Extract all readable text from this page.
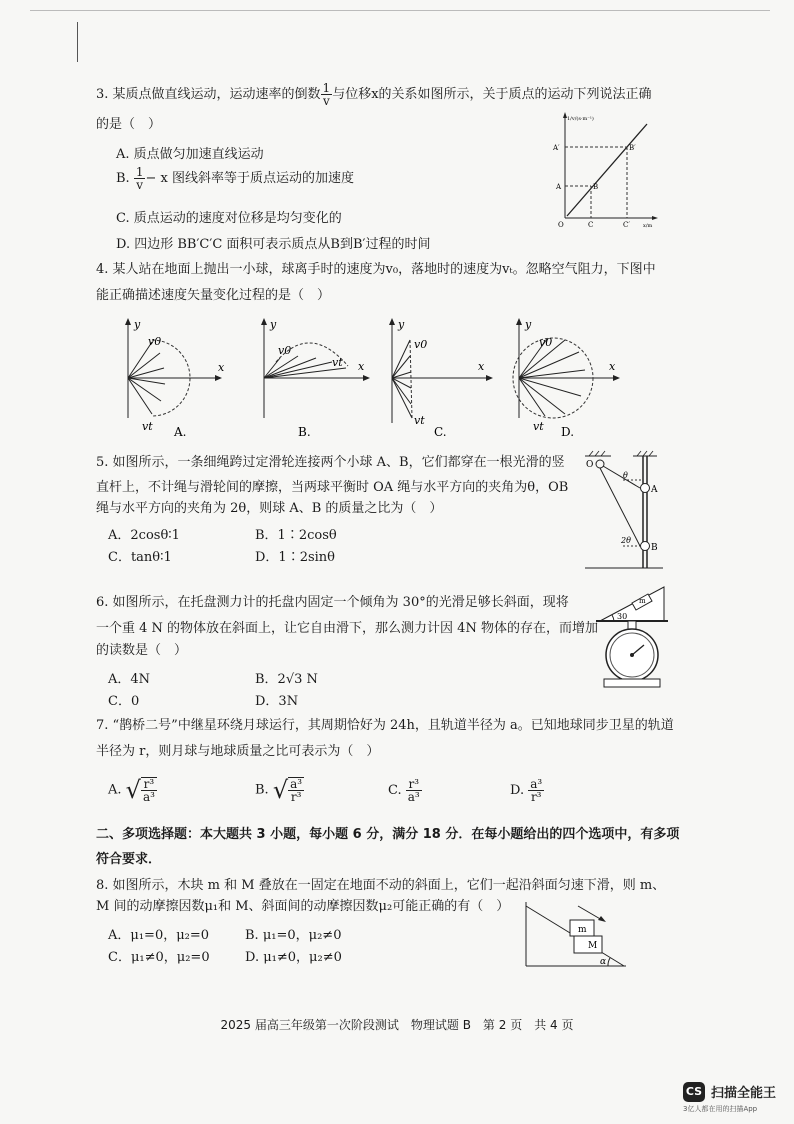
3. 某质点做直线运动，运动速率的倒数 $\frac{1}{v}$ 与位移x的关系如图所示，关于质点的运动下列说法正确
的是（　）
A. 质点做匀加速直线运动
B. $\frac{1}{v} - x$ 图线斜率等于质点运动的加速度
C. 质点运动的速度对位移是均匀变化的
D. 四边形 BB′C′C 面积可表示质点从B到B′过程的时间
1/v/(s·m⁻¹)
A′	B′
A	B
O	C	C′	x/m
4. 某人站在地面上抛出一小球，球离手时的速度为v₀，落地时的速度为vₜ。忽略空气阻力，下图中
能正确描述速度矢量变化过程的是（　）
y
v0
x
vt A.
y
v0
vt x
B.
y
v0
x
vt
C.
y
v0
x
vt D.
5. 如图所示，一条细绳跨过定滑轮连接两个小球 A、B，它们都穿在一根光滑的竖
直杆上，不计绳与滑轮间的摩擦，当两球平衡时 OA 绳与水平方向的夹角为θ，OB
绳与水平方向的夹角为 2θ，则球 A、B 的质量之比为（　）
A．2cosθ∶1	B．1∶2cosθ
C．tanθ∶1	D．1∶2sinθ
O
θ
A
2θ
B
6. 如图所示，在托盘测力计的托盘内固定一个倾角为 30°的光滑足够长斜面，现将
一个重 4 N 的物体放在斜面上，让它自由滑下，那么测力计因 4N 物体的存在，而增加
的读数是（　）
A．4N	B．2√3 N
C．0	D．3N
30
m
7. “鹊桥二号”中继星环绕月球运行，其周期恰好为 24h，且轨道半径为 a。已知地球同步卫星的轨道
半径为 r，则月球与地球质量之比可表示为（　）
A. √ $\frac{\text{r³}}{\text{a³}}$	B. √ $\frac{\text{a³}}{\text{r³}}$	C. $\frac{\text{r³}}{\text{a³}}$	D. $\frac{\text{a³}}{\text{r³}}$
二、多项选择题：本大题共 3 小题，每小题 6 分，满分 18 分．在每小题给出的四个选项中，有多项
符合要求．
8. 如图所示，木块 m 和 M 叠放在一固定在地面不动的斜面上，它们一起沿斜面匀速下滑，则 m、
M 间的动摩擦因数μ₁和 M、斜面间的动摩擦因数μ₂可能正确的有（　）
A．μ₁=0，μ₂=0	B. μ₁=0，μ₂≠0
C．μ₁≠0，μ₂=0	D. μ₁≠0，μ₂≠0
m
M
α
2025 届高三年级第一次阶段测试　物理试题 B　第 2 页　共 4 页
CS 扫描全能王
3亿人都在用的扫描App
